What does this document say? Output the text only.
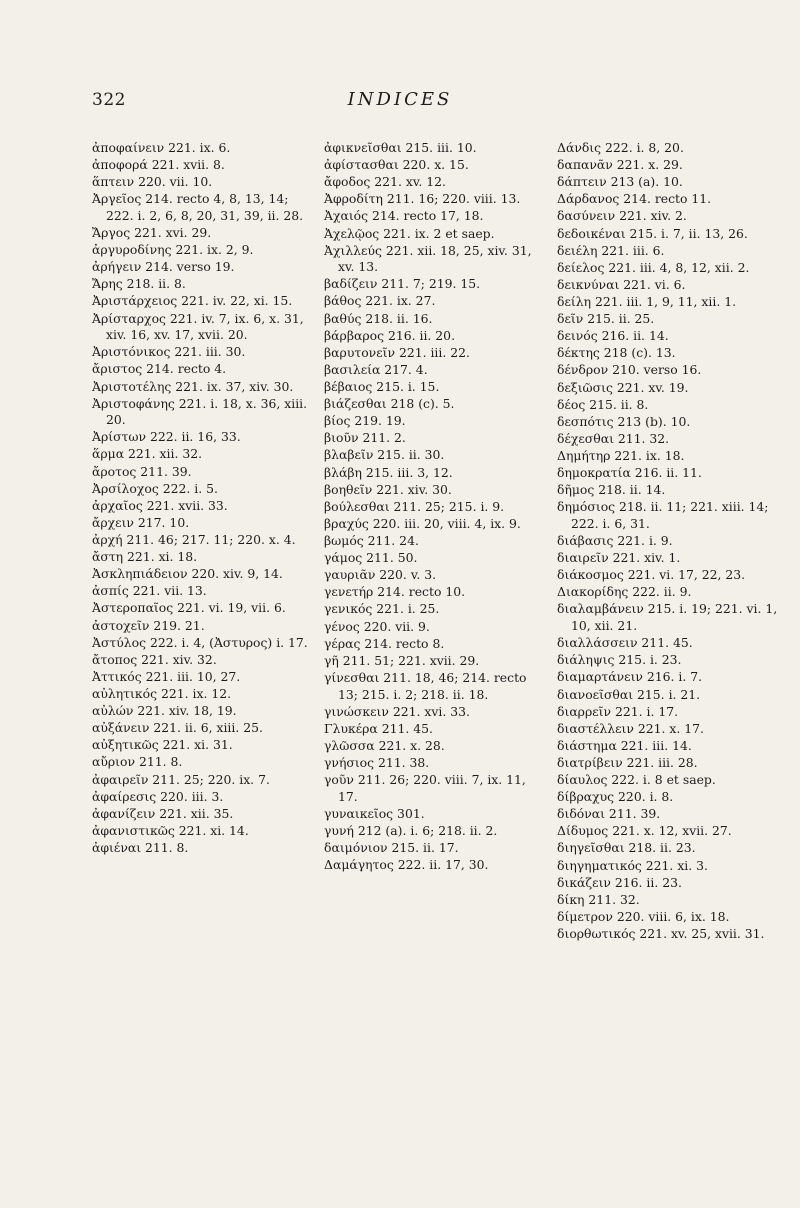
322	INDICES
ἀποφαίνειν 221. ix. 6.
ἀποφορά 221. xvii. 8.
ἅπτειν 220. vii. 10.
Ἀργεῖος 214. recto 4, 8, 13, 14; 222. i. 2, 6, 8, 20, 31, 39, ii. 28.
Ἄργος 221. xvi. 29.
ἀργυροδίνης 221. ix. 2, 9.
ἀρήγειν 214. verso 19.
Ἄρης 218. ii. 8.
Ἀριστάρχειος 221. iv. 22, xi. 15.
Ἀρίσταρχος 221. iv. 7, ix. 6, x. 31, xiv. 16, xv. 17, xvii. 20.
Ἀριστόνικος 221. iii. 30.
ἄριστος 214. recto 4.
Ἀριστοτέλης 221. ix. 37, xiv. 30.
Ἀριστοφάνης 221. i. 18, x. 36, xiii. 20.
Ἀρίστων 222. ii. 16, 33.
ἅρμα 221. xii. 32.
ἄροτος 211. 39.
Ἀρσίλοχος 222. i. 5.
ἀρχαῖος 221. xvii. 33.
ἄρχειν 217. 10.
ἀρχή 211. 46; 217. 11; 220. x. 4.
ἄστη 221. xi. 18.
Ἀσκληπιάδειον 220. xiv. 9, 14.
ἀσπίς 221. vii. 13.
Ἀστεροπαῖος 221. vi. 19, vii. 6.
ἀστοχεῖν 219. 21.
Ἀστύλος 222. i. 4, (Ἀστυρος) i. 17.
ἄτοπος 221. xiv. 32.
Ἀττικός 221. iii. 10, 27.
αὐλητικός 221. ix. 12.
αὐλών 221. xiv. 18, 19.
αὐξάνειν 221. ii. 6, xiii. 25.
αὐξητικῶς 221. xi. 31.
αὔριον 211. 8.
ἀφαιρεῖν 211. 25; 220. ix. 7.
ἀφαίρεσις 220. iii. 3.
ἀφανίζειν 221. xii. 35.
ἀφανιστικῶς 221. xi. 14.
ἀφιέναι 211. 8.
ἀφικνεῖσθαι 215. iii. 10.
ἀφίστασθαι 220. x. 15.
ἄφοδος 221. xv. 12.
Ἀφροδίτη 211. 16; 220. viii. 13.
Ἀχαιός 214. recto 17, 18.
Ἀχελῷος 221. ix. 2 et saep.
Ἀχιλλεύς 221. xii. 18, 25, xiv. 31, xv. 13.
βαδίζειν 211. 7; 219. 15.
βάθος 221. ix. 27.
βαθύς 218. ii. 16.
βάρβαρος 216. ii. 20.
βαρυτονεῖν 221. iii. 22.
βασιλεία 217. 4.
βέβαιος 215. i. 15.
βιάζεσθαι 218 (c). 5.
βίος 219. 19.
βιοῦν 211. 2.
βλαβεῖν 215. ii. 30.
βλάβη 215. iii. 3, 12.
βοηθεῖν 221. xiv. 30.
βούλεσθαι 211. 25; 215. i. 9.
βραχύς 220. iii. 20, viii. 4, ix. 9.
βωμός 211. 24.
γάμος 211. 50.
γαυριᾶν 220. v. 3.
γενετήρ 214. recto 10.
γενικός 221. i. 25.
γένος 220. vii. 9.
γέρας 214. recto 8.
γῆ 211. 51; 221. xvii. 29.
γίνεσθαι 211. 18, 46; 214. recto 13; 215. i. 2; 218. ii. 18.
γινώσκειν 221. xvi. 33.
Γλυκέρα 211. 45.
γλῶσσα 221. x. 28.
γνήσιος 211. 38.
γοῦν 211. 26; 220. viii. 7, ix. 11, 17.
γυναικεῖος 301.
γυνή 212 (a). i. 6; 218. ii. 2.
δαιμόνιον 215. ii. 17.
Δαμάγητος 222. ii. 17, 30.
Δάνδις 222. i. 8, 20.
δαπανᾶν 221. x. 29.
δάπτειν 213 (a). 10.
Δάρδανος 214. recto 11.
δασύνειν 221. xiv. 2.
δεδοικέναι 215. i. 7, ii. 13, 26.
δειέλη 221. iii. 6.
δείελος 221. iii. 4, 8, 12, xii. 2.
δεικνύναι 221. vi. 6.
δείλη 221. iii. 1, 9, 11, xii. 1.
δεῖν 215. ii. 25.
δεινός 216. ii. 14.
δέκτης 218 (c). 13.
δένδρον 210. verso 16.
δεξιῶσις 221. xv. 19.
δέος 215. ii. 8.
δεσπότις 213 (b). 10.
δέχεσθαι 211. 32.
Δημήτηρ 221. ix. 18.
δημοκρατία 216. ii. 11.
δῆμος 218. ii. 14.
δημόσιος 218. ii. 11; 221. xiii. 14; 222. i. 6, 31.
διάβασις 221. i. 9.
διαιρεῖν 221. xiv. 1.
διάκοσμος 221. vi. 17, 22, 23.
Διακορίδης 222. ii. 9.
διαλαμβάνειν 215. i. 19; 221. vi. 1, 10, xii. 21.
διαλλάσσειν 211. 45.
διάληψις 215. i. 23.
διαμαρτάνειν 216. i. 7.
διανοεῖσθαι 215. i. 21.
διαρρεῖν 221. i. 17.
διαστέλλειν 221. x. 17.
διάστημα 221. iii. 14.
διατρίβειν 221. iii. 28.
δίαυλος 222. i. 8 et saep.
δίβραχυς 220. i. 8.
διδόναι 211. 39.
Δίδυμος 221. x. 12, xvii. 27.
διηγεῖσθαι 218. ii. 23.
διηγηματικός 221. xi. 3.
δικάζειν 216. ii. 23.
δίκη 211. 32.
δίμετρον 220. viii. 6, ix. 18.
διορθωτικός 221. xv. 25, xvii. 31.
